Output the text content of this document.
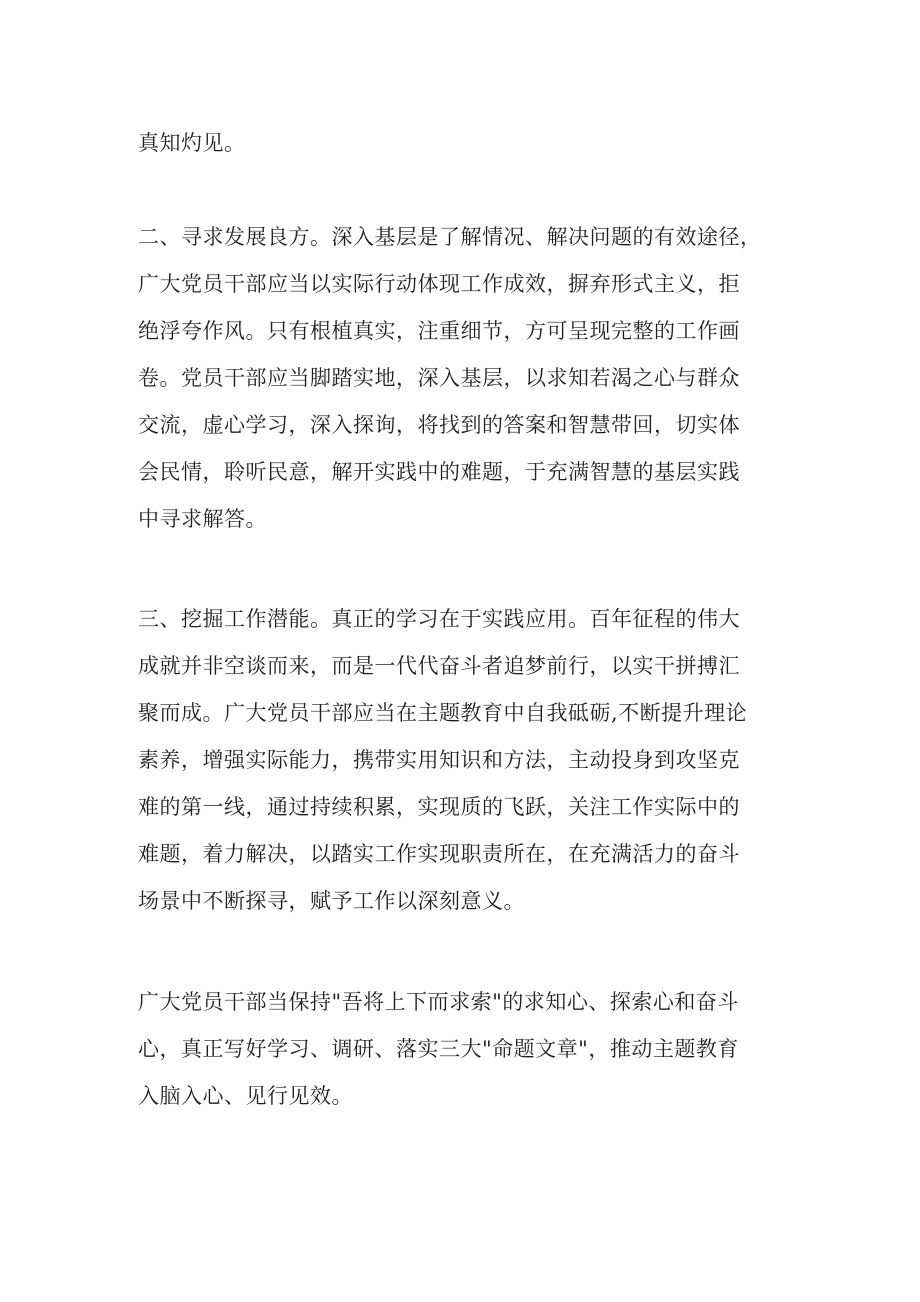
真知灼见。

二、寻求发展良方。深入基层是了解情况、解决问题的有效途径，
广大党员干部应当以实际行动体现工作成效，摒弃形式主义，拒
绝浮夸作风。只有根植真实，注重细节，方可呈现完整的工作画
卷。党员干部应当脚踏实地，深入基层，以求知若渴之心与群众
交流，虚心学习，深入探询，将找到的答案和智慧带回，切实体
会民情，聆听民意，解开实践中的难题，于充满智慧的基层实践
中寻求解答。

三、挖掘工作潜能。真正的学习在于实践应用。百年征程的伟大
成就并非空谈而来，而是一代代奋斗者追梦前行，以实干拼搏汇
聚而成。广大党员干部应当在主题教育中自我砥砺,不断提升理论
素养，增强实际能力，携带实用知识和方法，主动投身到攻坚克
难的第一线，通过持续积累，实现质的飞跃，关注工作实际中的
难题，着力解决，以踏实工作实现职责所在，在充满活力的奋斗
场景中不断探寻，赋予工作以深刻意义。

广大党员干部当保持"吾将上下而求索"的求知心、探索心和奋斗
心，真正写好学习、调研、落实三大"命题文章"，推动主题教育
入脑入心、见行见效。
